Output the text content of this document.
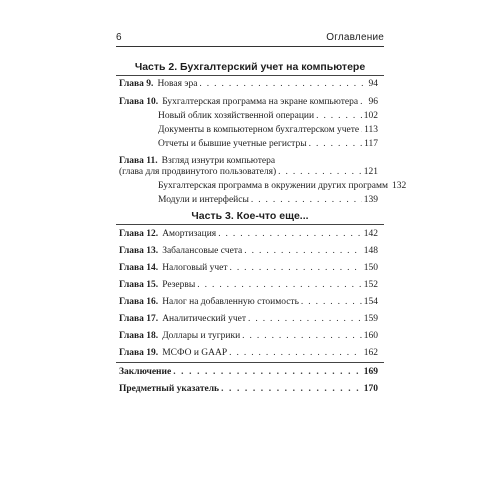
6	Оглавление
Часть 2. Бухгалтерский учет на компьютере
Глава 9. Новая эра . . .	94
Глава 10. Бухгалтерская программа на экране компьютера . . . 96
Новый облик хозяйственной операции . . .	102
Документы в компьютерном бухгалтерском учете . . . 113
Отчеты и бывшие учетные регистры . . .	117
Глава 11. Взгляд изнутри компьютера
(глава для продвинутого пользователя) . . .	121
Бухгалтерская программа в окружении других программ 132
Модули и интерфейсы . . .	139
Часть 3. Кое-что еще...
Глава 12. Амортизация . . .	142
Глава 13. Забалансовые счета . . .	148
Глава 14. Налоговый учет . . .	150
Глава 15. Резервы . . .	152
Глава 16. Налог на добавленную стоимость . . .	154
Глава 17. Аналитический учет . . .	159
Глава 18. Доллары и тугрики . . .	160
Глава 19. МСФО и GAAP . . .	162
Заключение . . .	169
Предметный указатель . . .	170
